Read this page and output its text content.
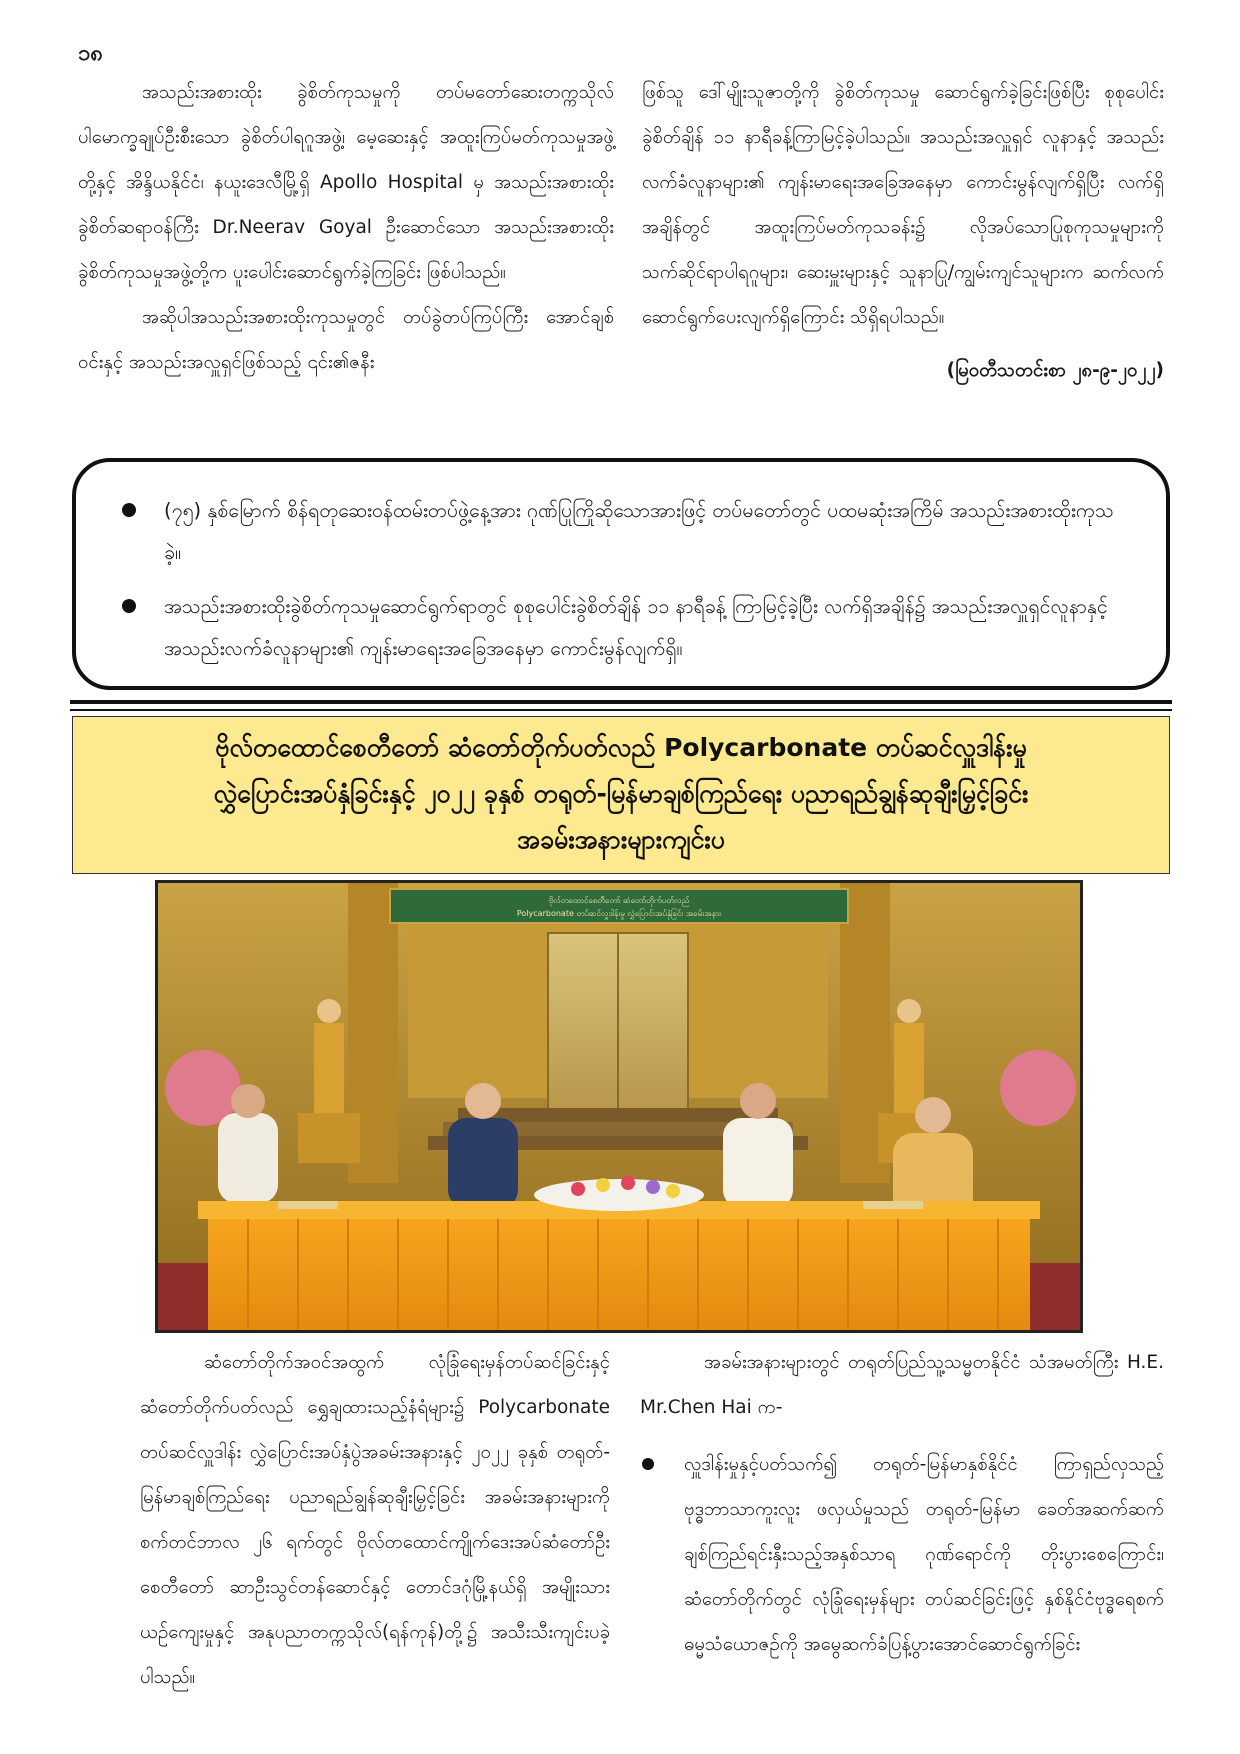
၁၈

အသည်းအစားထိုး ခွဲစိတ်ကုသမှုကို တပ်မတော်ဆေးတက္ကသိုလ် ပါမောက္ခချုပ်ဦးစီးသော ခွဲစိတ်ပါရဂူအဖွဲ့၊ မေ့ဆေးနှင့် အထူးကြပ်မတ်ကုသမှုအဖွဲ့တို့နှင့် အိန္ဒိယနိုင်ငံ၊ နယူးဒေလီမြို့ရှိ Apollo Hospital မှ အသည်းအစားထိုးခွဲစိတ်ဆရာဝန်ကြီး Dr.Neerav Goyal ဦးဆောင်သော အသည်းအစားထိုးခွဲစိတ်ကုသမှုအဖွဲ့တို့က ပူးပေါင်းဆောင်ရွက်ခဲ့ကြခြင်း ဖြစ်ပါသည်။

အဆိုပါအသည်းအစားထိုးကုသမှုတွင် တပ်ခွဲတပ်ကြပ်ကြီး အောင်ချစ်ဝင်းနှင့် အသည်းအလှူရှင်ဖြစ်သည့် ၎င်း၏ဇနီး

ဖြစ်သူ ဒေါ်မျိုးသူဇာတို့ကို ခွဲစိတ်ကုသမှု ဆောင်ရွက်ခဲ့ခြင်းဖြစ်ပြီး စုစုပေါင်းခွဲစိတ်ချိန် ၁၁ နာရီခန့်ကြာမြင့်ခဲ့ပါသည်။ အသည်းအလှူရှင် လူနာနှင့် အသည်းလက်ခံလူနာများ၏ ကျန်းမာရေးအခြေအနေမှာ ကောင်းမွန်လျက်ရှိပြီး လက်ရှိအချိန်တွင် အထူးကြပ်မတ်ကုသခန်း၌ လိုအပ်သောပြုစုကုသမှုများကို သက်ဆိုင်ရာပါရဂူများ၊ ဆေးမှူးများနှင့် သူနာပြု/ကျွမ်းကျင်သူများက ဆက်လက်ဆောင်ရွက်ပေးလျက်ရှိကြောင်း သိရှိရပါသည်။

(မြဝတီသတင်းစာ ၂၈-၉-၂၀၂၂)

(၇၅) နှစ်မြောက် စိန်ရတုဆေးဝန်ထမ်းတပ်ဖွဲ့နေ့အား ဂုဏ်ပြုကြိုဆိုသောအားဖြင့် တပ်မတော်တွင် ပထမဆုံးအကြိမ် အသည်းအစားထိုးကုသခဲ့။
အသည်းအစားထိုးခွဲစိတ်ကုသမှုဆောင်ရွက်ရာတွင် စုစုပေါင်းခွဲစိတ်ချိန် ၁၁ နာရီခန့် ကြာမြင့်ခဲ့ပြီး လက်ရှိအချိန်၌ အသည်းအလှူရှင်လူနာနှင့် အသည်းလက်ခံလူနာများ၏ ကျန်းမာရေးအခြေအနေမှာ ကောင်းမွန်လျက်ရှိ။
ဗိုလ်တထောင်စေတီတော် ဆံတော်တိုက်ပတ်လည် Polycarbonate တပ်ဆင်လှူဒါန်းမှု
လွှဲပြောင်းအပ်နှံခြင်းနှင့် ၂၀၂၂ ခုနှစ် တရုတ်-မြန်မာချစ်ကြည်ရေး ပညာရည်ချွန်ဆုချီးမြှင့်ခြင်း
အခမ်းအနားများကျင်းပ
ဗိုလ်တထောင်စေတီတော် ဆံတော်တိုက်ပတ်လည်
Polycarbonate တပ်ဆင်လှူဒါန်းမှု လွှဲပြောင်းအပ်နှံခြင်း အခမ်းအနား

ဆံတော်တိုက်အဝင်အထွက် လုံခြုံရေးမှန်တပ်ဆင်ခြင်းနှင့် ဆံတော်တိုက်ပတ်လည် ရွှေချထားသည့်နံရံများ၌ Polycarbonate တပ်ဆင်လှူဒါန်း လွှဲပြောင်းအပ်နှံပွဲအခမ်းအနားနှင့် ၂၀၂၂ ခုနှစ် တရုတ်-မြန်မာချစ်ကြည်ရေး ပညာရည်ချွန်ဆုချီးမြှင့်ခြင်း အခမ်းအနားများကို စက်တင်ဘာလ ၂၆ ရက်တွင် ဗိုလ်တထောင်ကျိုက်ဒေးအပ်ဆံတော်ဦးစေတီတော် ဆာဦးသွင်တန်ဆောင်နှင့် တောင်ဒဂုံမြို့နယ်ရှိ အမျိုးသားယဉ်ကျေးမှုနှင့် အနုပညာတက္ကသိုလ်(ရန်ကုန်)တို့၌ အသီးသီးကျင်းပခဲ့ပါသည်။

အခမ်းအနားများတွင် တရုတ်ပြည်သူ့သမ္မတနိုင်ငံ သံအမတ်ကြီး H.E. Mr.Chen Hai က-

လှူဒါန်းမှုနှင့်ပတ်သက်၍ တရုတ်-မြန်မာနှစ်နိုင်ငံ ကြာရှည်လှသည့် ဗုဒ္ဓဘာသာကူးလူး ဖလှယ်မှုသည် တရုတ်-မြန်မာ ခေတ်အဆက်ဆက် ချစ်ကြည်ရင်းနှီးသည့်အနှစ်သာရ ဂုဏ်ရောင်ကို တိုးပွားစေကြောင်း၊ ဆံတော်တိုက်တွင် လုံခြုံရေးမှန်များ တပ်ဆင်ခြင်းဖြင့် နှစ်နိုင်ငံဗုဒ္ဓရေစက်ဓမ္မသံယောဇဉ်ကို အမွေဆက်ခံပြန့်ပွားအောင်ဆောင်ရွက်ခြင်း
